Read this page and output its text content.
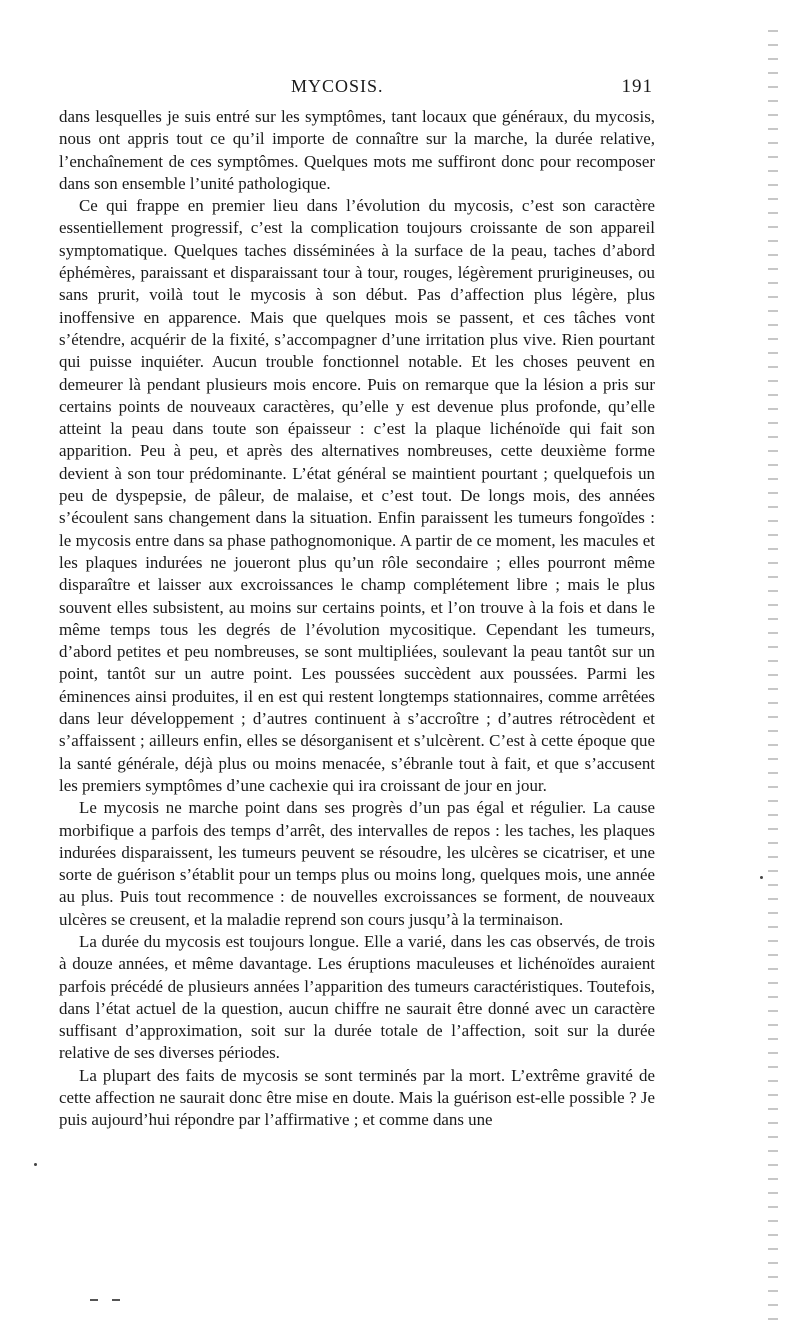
MYCOSIS.	191

dans lesquelles je suis entré sur les symptômes, tant locaux que généraux, du mycosis, nous ont appris tout ce qu’il importe de connaître sur la marche, la durée relative, l’enchaînement de ces symptômes. Quelques mots me suffiront donc pour recomposer dans son ensemble l’unité pathologique.

Ce qui frappe en premier lieu dans l’évolution du mycosis, c’est son caractère essentiellement progressif, c’est la complication toujours croissante de son appareil symptomatique. Quelques taches disséminées à la surface de la peau, taches d’abord éphémères, paraissant et disparaissant tour à tour, rouges, légèrement prurigineuses, ou sans prurit, voilà tout le mycosis à son début. Pas d’affection plus légère, plus inoffensive en apparence. Mais que quelques mois se passent, et ces tâches vont s’étendre, acquérir de la fixité, s’accompagner d’une irritation plus vive. Rien pourtant qui puisse inquiéter. Aucun trouble fonctionnel notable. Et les choses peuvent en demeurer là pendant plusieurs mois encore. Puis on remarque que la lésion a pris sur certains points de nouveaux caractères, qu’elle y est devenue plus profonde, qu’elle atteint la peau dans toute son épaisseur : c’est la plaque lichénoïde qui fait son apparition. Peu à peu, et après des alternatives nombreuses, cette deuxième forme devient à son tour prédominante. L’état général se maintient pourtant ; quelquefois un peu de dyspepsie, de pâleur, de malaise, et c’est tout. De longs mois, des années s’écoulent sans changement dans la situation. Enfin paraissent les tumeurs fongoïdes : le mycosis entre dans sa phase pathognomonique. A partir de ce moment, les macules et les plaques indurées ne joueront plus qu’un rôle secondaire ; elles pourront même disparaître et laisser aux excroissances le champ complétement libre ; mais le plus souvent elles subsistent, au moins sur certains points, et l’on trouve à la fois et dans le même temps tous les degrés de l’évolution mycositique. Cependant les tumeurs, d’abord petites et peu nombreuses, se sont multipliées, soulevant la peau tantôt sur un point, tantôt sur un autre point. Les poussées succèdent aux poussées. Parmi les éminences ainsi produites, il en est qui restent longtemps stationnaires, comme arrêtées dans leur développement ; d’autres continuent à s’accroître ; d’autres rétrocèdent et s’affaissent ; ailleurs enfin, elles se désorganisent et s’ulcèrent. C’est à cette époque que la santé générale, déjà plus ou moins menacée, s’ébranle tout à fait, et que s’accusent les premiers symptômes d’une cachexie qui ira croissant de jour en jour.

Le mycosis ne marche point dans ses progrès d’un pas égal et régulier. La cause morbifique a parfois des temps d’arrêt, des intervalles de repos : les taches, les plaques indurées disparaissent, les tumeurs peuvent se résoudre, les ulcères se cicatriser, et une sorte de guérison s’établit pour un temps plus ou moins long, quelques mois, une année au plus. Puis tout recommence : de nouvelles excroissances se forment, de nouveaux ulcères se creusent, et la maladie reprend son cours jusqu’à la terminaison.

La durée du mycosis est toujours longue. Elle a varié, dans les cas observés, de trois à douze années, et même davantage. Les éruptions maculeuses et lichénoïdes auraient parfois précédé de plusieurs années l’apparition des tumeurs caractéristiques. Toutefois, dans l’état actuel de la question, aucun chiffre ne saurait être donné avec un caractère suffisant d’approximation, soit sur la durée totale de l’affection, soit sur la durée relative de ses diverses périodes.

La plupart des faits de mycosis se sont terminés par la mort. L’extrême gravité de cette affection ne saurait donc être mise en doute. Mais la guérison est-elle possible ? Je puis aujourd’hui répondre par l’affirmative ; et comme dans une
